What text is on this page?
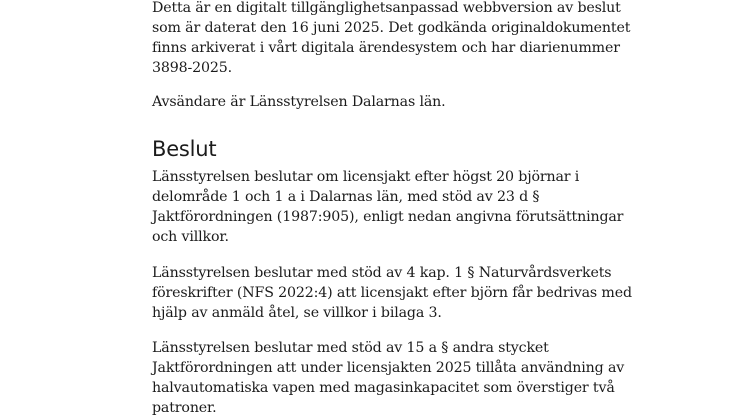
Detta är en digitalt tillgänglighetsanpassad webbversion av beslut
som är daterat den 16 juni 2025. Det godkända originaldokumentet
finns arkiverat i vårt digitala ärendesystem och har diarienummer
3898-2025.

Avsändare är Länsstyrelsen Dalarnas län.

Beslut

Länsstyrelsen beslutar om licensjakt efter högst 20 björnar i
delområde 1 och 1 a i Dalarnas län, med stöd av 23 d §
Jaktförordningen (1987:905), enligt nedan angivna förutsättningar
och villkor.

Länsstyrelsen beslutar med stöd av 4 kap. 1 § Naturvårdsverkets
föreskrifter (NFS 2022:4) att licensjakt efter björn får bedrivas med
hjälp av anmäld åtel, se villkor i bilaga 3.

Länsstyrelsen beslutar med stöd av 15 a § andra stycket
Jaktförordningen att under licensjakten 2025 tillåta användning av
halvautomatiska vapen med magasinkapacitet som överstiger två
patroner.
